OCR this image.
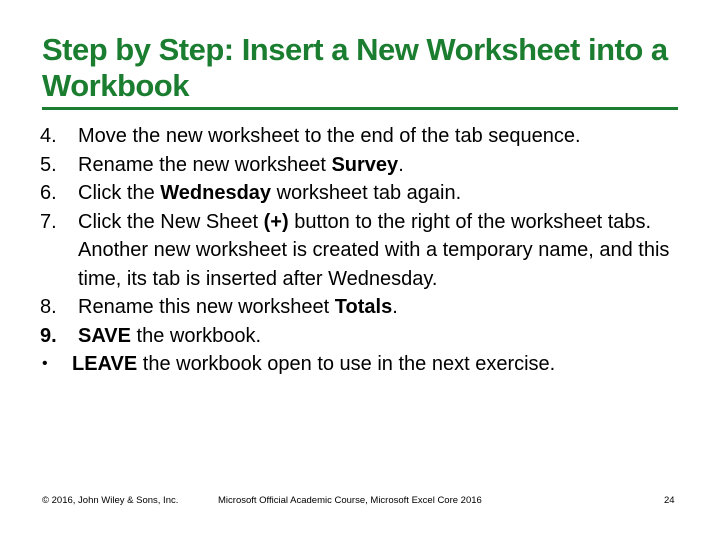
Step by Step: Insert a New Worksheet into a Workbook
4.	Move the new worksheet to the end of the tab sequence.
5.	Rename the new worksheet Survey.
6.	Click the Wednesday worksheet tab again.
7.	Click the New Sheet (+) button to the right of the worksheet tabs. Another new worksheet is created with a temporary name, and this time, its tab is inserted after Wednesday.
8.	Rename this new worksheet Totals.
9.	SAVE the workbook.
•	LEAVE the workbook open to use in the next exercise.
© 2016, John Wiley & Sons, Inc.	Microsoft Official Academic Course, Microsoft Excel Core 2016	24
